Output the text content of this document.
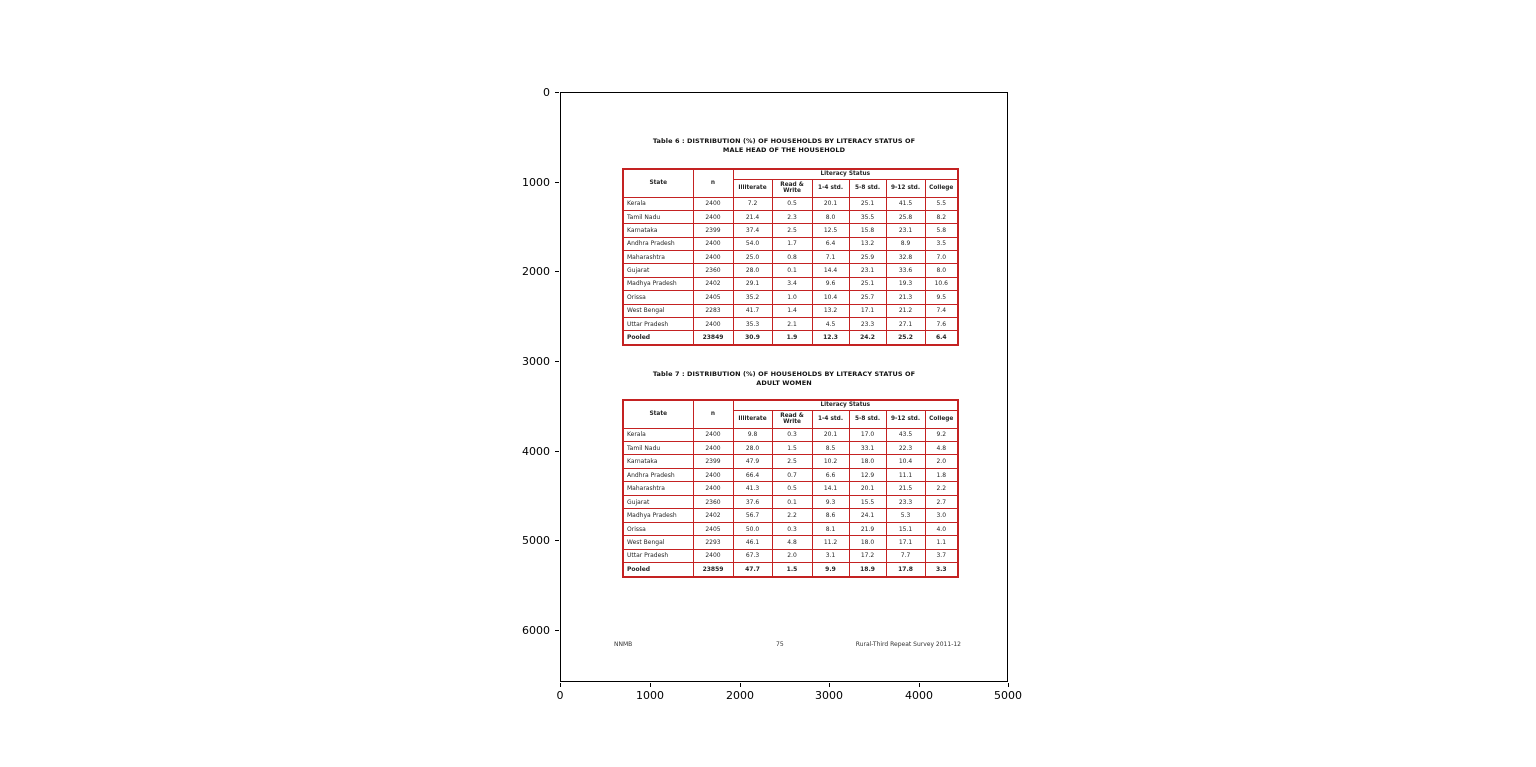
0
1000
2000
3000
4000
5000
6000
0	1000	2000	3000	4000	5000
Table 6 : DISTRIBUTION (%) OF HOUSEHOLDS BY LITERACY STATUS OF
MALE HEAD OF THE HOUSEHOLD
State	n	Literacy Status					
		Illiterate	Read & Write	1-4 std.	5-8 std.	9-12 std.	College
Kerala	2400	7.2	0.5	20.1	25.1	41.5	5.5
Tamil Nadu	2400	21.4	2.3	8.0	35.5	25.8	8.2
Karnataka	2399	37.4	2.5	12.5	15.8	23.1	5.8
Andhra Pradesh	2400	54.0	1.7	6.4	13.2	8.9	3.5
Maharashtra	2400	25.0	0.8	7.1	25.9	32.8	7.0
Gujarat	2360	28.0	0.1	14.4	23.1	33.6	8.0
Madhya Pradesh	2402	29.1	3.4	9.6	25.1	19.3	10.6
Orissa	2405	35.2	1.0	10.4	25.7	21.3	9.5
West Bengal	2283	41.7	1.4	13.2	17.1	21.2	7.4
Uttar Pradesh	2400	35.3	2.1	4.5	23.3	27.1	7.6
Pooled	23849	30.9	1.9	12.3	24.2	25.2	6.4
Table 7 : DISTRIBUTION (%) OF HOUSEHOLDS BY LITERACY STATUS OF
ADULT WOMEN
State	n	Literacy Status					
		Illiterate	Read & Write	1-4 std.	5-8 std.	9-12 std.	College
Kerala	2400	9.8	0.3	20.1	17.0	43.5	9.2
Tamil Nadu	2400	28.0	1.5	8.5	33.1	22.3	4.8
Karnataka	2399	47.9	2.5	10.2	18.0	10.4	2.0
Andhra Pradesh	2400	66.4	0.7	6.6	12.9	11.1	1.8
Maharashtra	2400	41.3	0.5	14.1	20.1	21.5	2.2
Gujarat	2360	37.6	0.1	9.3	15.5	23.3	2.7
Madhya Pradesh	2402	56.7	2.2	8.6	24.1	5.3	3.0
Orissa	2405	50.0	0.3	8.1	21.9	15.1	4.0
West Bengal	2293	46.1	4.8	11.2	18.0	17.1	1.1
Uttar Pradesh	2400	67.3	2.0	3.1	17.2	7.7	3.7
Pooled	23859	47.7	1.5	9.9	18.9	17.8	3.3
NNMB	75	Rural-Third Repeat Survey 2011-12
